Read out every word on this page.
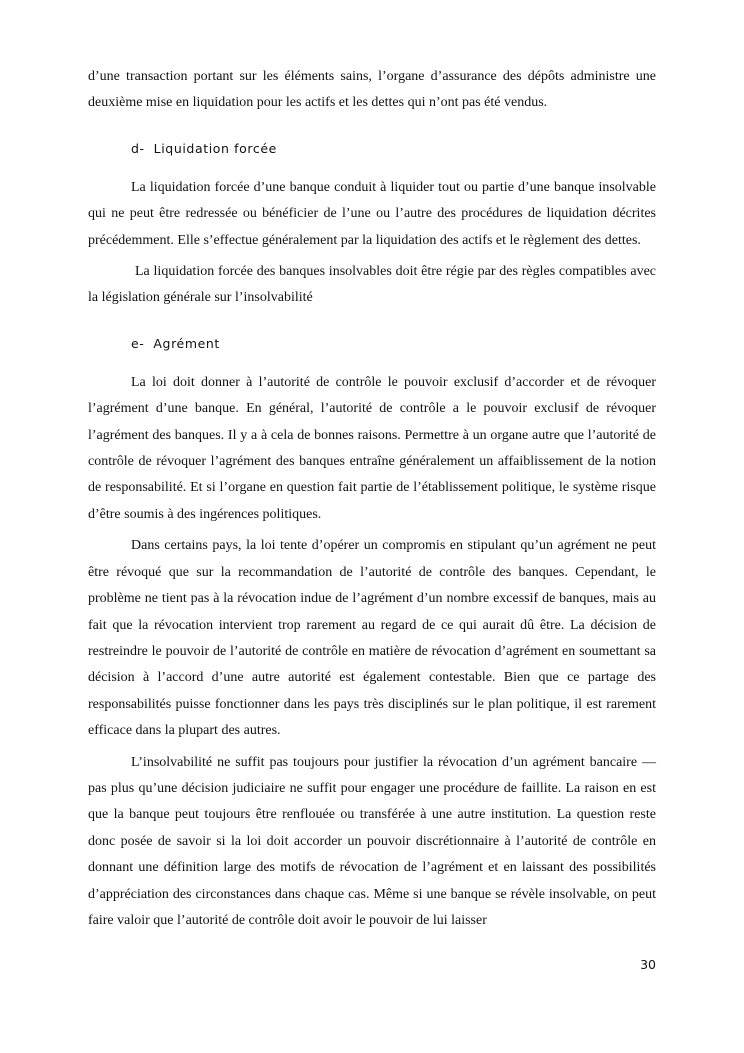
d’une transaction portant sur les éléments sains, l’organe d’assurance des dépôts administre une deuxième mise en liquidation pour les actifs et les dettes qui n’ont pas été vendus.

d- Liquidation forcée

La liquidation forcée d’une banque conduit à liquider tout ou partie d’une banque insolvable qui ne peut être redressée ou bénéficier de l’une ou l’autre des procédures de liquidation décrites précédemment. Elle s’effectue généralement par la liquidation des actifs et le règlement des dettes.

La liquidation forcée des banques insolvables doit être régie par des règles compatibles avec la législation générale sur l’insolvabilité

e- Agrément

La loi doit donner à l’autorité de contrôle le pouvoir exclusif d’accorder et de révoquer l’agrément d’une banque. En général, l’autorité de contrôle a le pouvoir exclusif de révoquer l’agrément des banques. Il y a à cela de bonnes raisons. Permettre à un organe autre que l’autorité de contrôle de révoquer l’agrément des banques entraîne généralement un affaiblissement de la notion de responsabilité. Et si l’organe en question fait partie de l’établissement politique, le système risque d’être soumis à des ingérences politiques.

Dans certains pays, la loi tente d’opérer un compromis en stipulant qu’un agrément ne peut être révoqué que sur la recommandation de l’autorité de contrôle des banques. Cependant, le problème ne tient pas à la révocation indue de l’agrément d’un nombre excessif de banques, mais au fait que la révocation intervient trop rarement au regard de ce qui aurait dû être. La décision de restreindre le pouvoir de l’autorité de contrôle en matière de révocation d’agrément en soumettant sa décision à l’accord d’une autre autorité est également contestable. Bien que ce partage des responsabilités puisse fonctionner dans les pays très disciplinés sur le plan politique, il est rarement efficace dans la plupart des autres.

L’insolvabilité ne suffit pas toujours pour justifier la révocation d’un agrément bancaire — pas plus qu’une décision judiciaire ne suffit pour engager une procédure de faillite. La raison en est que la banque peut toujours être renflouée ou transférée à une autre institution. La question reste donc posée de savoir si la loi doit accorder un pouvoir discrétionnaire à l’autorité de contrôle en donnant une définition large des motifs de révocation de l’agrément et en laissant des possibilités d’appréciation des circonstances dans chaque cas. Même si une banque se révèle insolvable, on peut faire valoir que l’autorité de contrôle doit avoir le pouvoir de lui laisser

30
